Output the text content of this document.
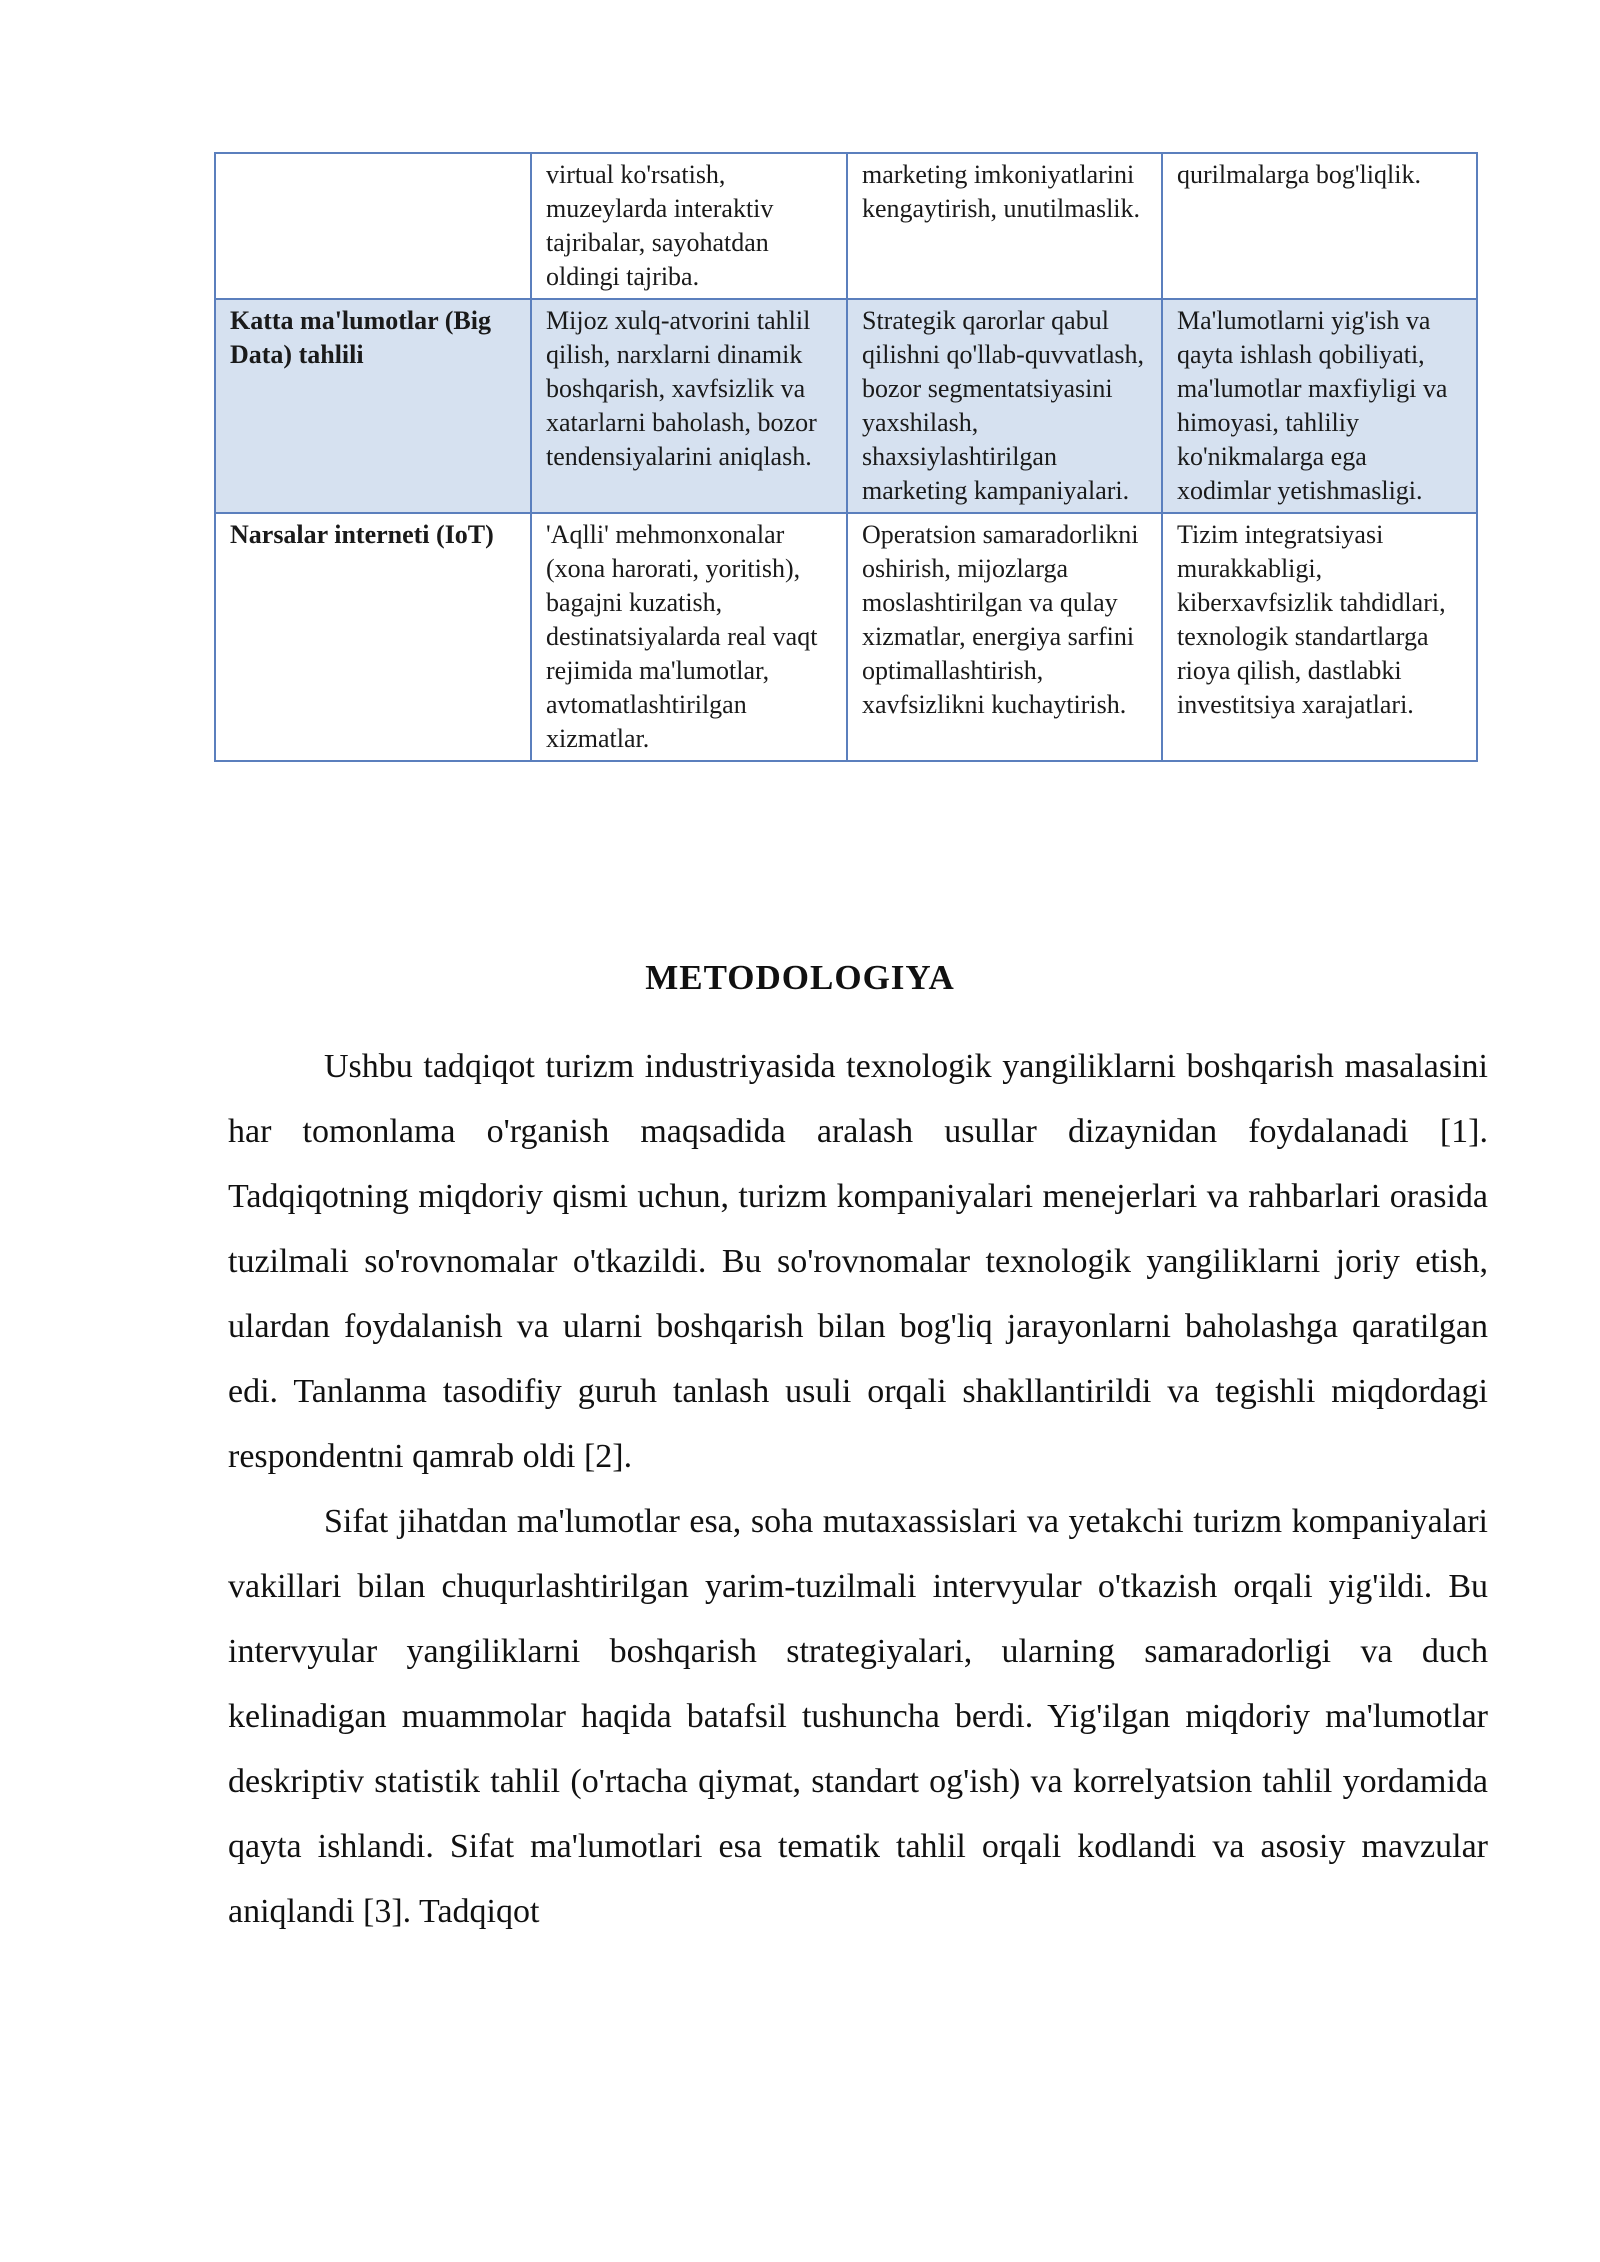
	virtual ko'rsatish, muzeylarda interaktiv tajribalar, sayohatdan oldingi tajriba.	marketing imkoniyatlarini kengaytirish, unutilmaslik.	qurilmalarga bog'liqlik.
Katta ma'lumotlar (Big Data) tahlili	Mijoz xulq-atvorini tahlil qilish, narxlarni dinamik boshqarish, xavfsizlik va xatarlarni baholash, bozor tendensiyalarini aniqlash.	Strategik qarorlar qabul qilishni qo'llab-quvvatlash, bozor segmentatsiyasini yaxshilash, shaxsiylashtirilgan marketing kampaniyalari.	Ma'lumotlarni yig'ish va qayta ishlash qobiliyati, ma'lumotlar maxfiyligi va himoyasi, tahliliy ko'nikmalarga ega xodimlar yetishmasligi.
Narsalar interneti (IoT)	'Aqlli' mehmonxonalar (xona harorati, yoritish), bagajni kuzatish, destinatsiyalarda real vaqt rejimida ma'lumotlar, avtomatlashtirilgan xizmatlar.	Operatsion samaradorlikni oshirish, mijozlarga moslashtirilgan va qulay xizmatlar, energiya sarfini optimallashtirish, xavfsizlikni kuchaytirish.	Tizim integratsiyasi murakkabligi, kiberxavfsizlik tahdidlari, texnologik standartlarga rioya qilish, dastlabki investitsiya xarajatlari.
METODOLOGIYA

Ushbu tadqiqot turizm industriyasida texnologik yangiliklarni boshqarish masalasini har tomonlama o'rganish maqsadida aralash usullar dizaynidan foydalanadi [1]. Tadqiqotning miqdoriy qismi uchun, turizm kompaniyalari menejerlari va rahbarlari orasida tuzilmali so'rovnomalar o'tkazildi. Bu so'rovnomalar texnologik yangiliklarni joriy etish, ulardan foydalanish va ularni boshqarish bilan bog'liq jarayonlarni baholashga qaratilgan edi. Tanlanma tasodifiy guruh tanlash usuli orqali shakllantirildi va tegishli miqdordagi respondentni qamrab oldi [2].

Sifat jihatdan ma'lumotlar esa, soha mutaxassislari va yetakchi turizm kompaniyalari vakillari bilan chuqurlashtirilgan yarim-tuzilmali intervyular o'tkazish orqali yig'ildi. Bu intervyular yangiliklarni boshqarish strategiyalari, ularning samaradorligi va duch kelinadigan muammolar haqida batafsil tushuncha berdi. Yig'ilgan miqdoriy ma'lumotlar deskriptiv statistik tahlil (o'rtacha qiymat, standart og'ish) va korrelyatsion tahlil yordamida qayta ishlandi. Sifat ma'lumotlari esa tematik tahlil orqali kodlandi va asosiy mavzular aniqlandi [3]. Tadqiqot
